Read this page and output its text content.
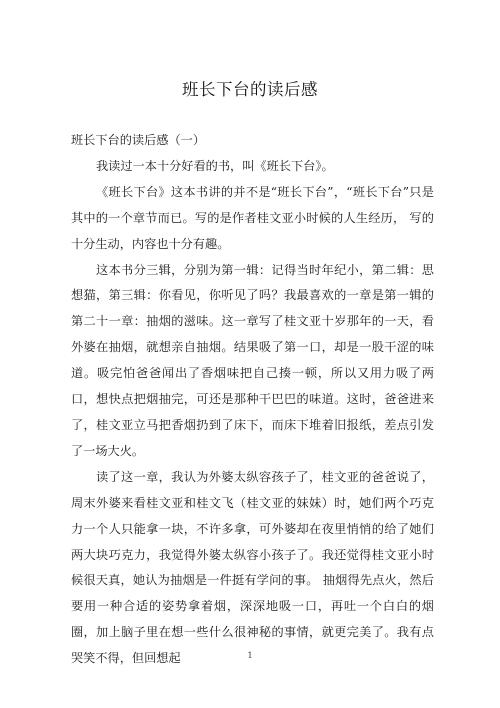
班长下台的读后感

班长下台的读后感（一）

我读过一本十分好看的书，叫《班长下台》。

《班长下台》这本书讲的并不是“班长下台”，“班长下台”只是其中的一个章节而已。写的是作者桂文亚小时候的人生经历， 写的十分生动，内容也十分有趣。

这本书分三辑，分别为第一辑：记得当时年纪小，第二辑：思想猫，第三辑：你看见，你听见了吗？我最喜欢的一章是第一辑的第二十一章：抽烟的滋味。这一章写了桂文亚十岁那年的一天，看外婆在抽烟，就想亲自抽烟。结果吸了第一口，却是一股干涩的味道。吸完怕爸爸闻出了香烟味把自己揍一顿，所以又用力吸了两口，想快点把烟抽完，可还是那种干巴巴的味道。这时，爸爸进来了，桂文亚立马把香烟扔到了床下，而床下堆着旧报纸，差点引发了一场大火。

读了这一章，我认为外婆太纵容孩子了，桂文亚的爸爸说了，周末外婆来看桂文亚和桂文飞（桂文亚的妹妹）时，她们两个巧克力一个人只能拿一块，不许多拿，可外婆却在夜里悄悄的给了她们两大块巧克力，我觉得外婆太纵容小孩子了。我还觉得桂文亚小时候很天真，她认为抽烟是一件挺有学问的事。 抽烟得先点火，然后要用一种合适的姿势拿着烟，深深地吸一口，再吐一个白白的烟圈，加上脑子里在想一些什么很神秘的事情，就更完美了。我有点哭笑不得，但回想起	1
